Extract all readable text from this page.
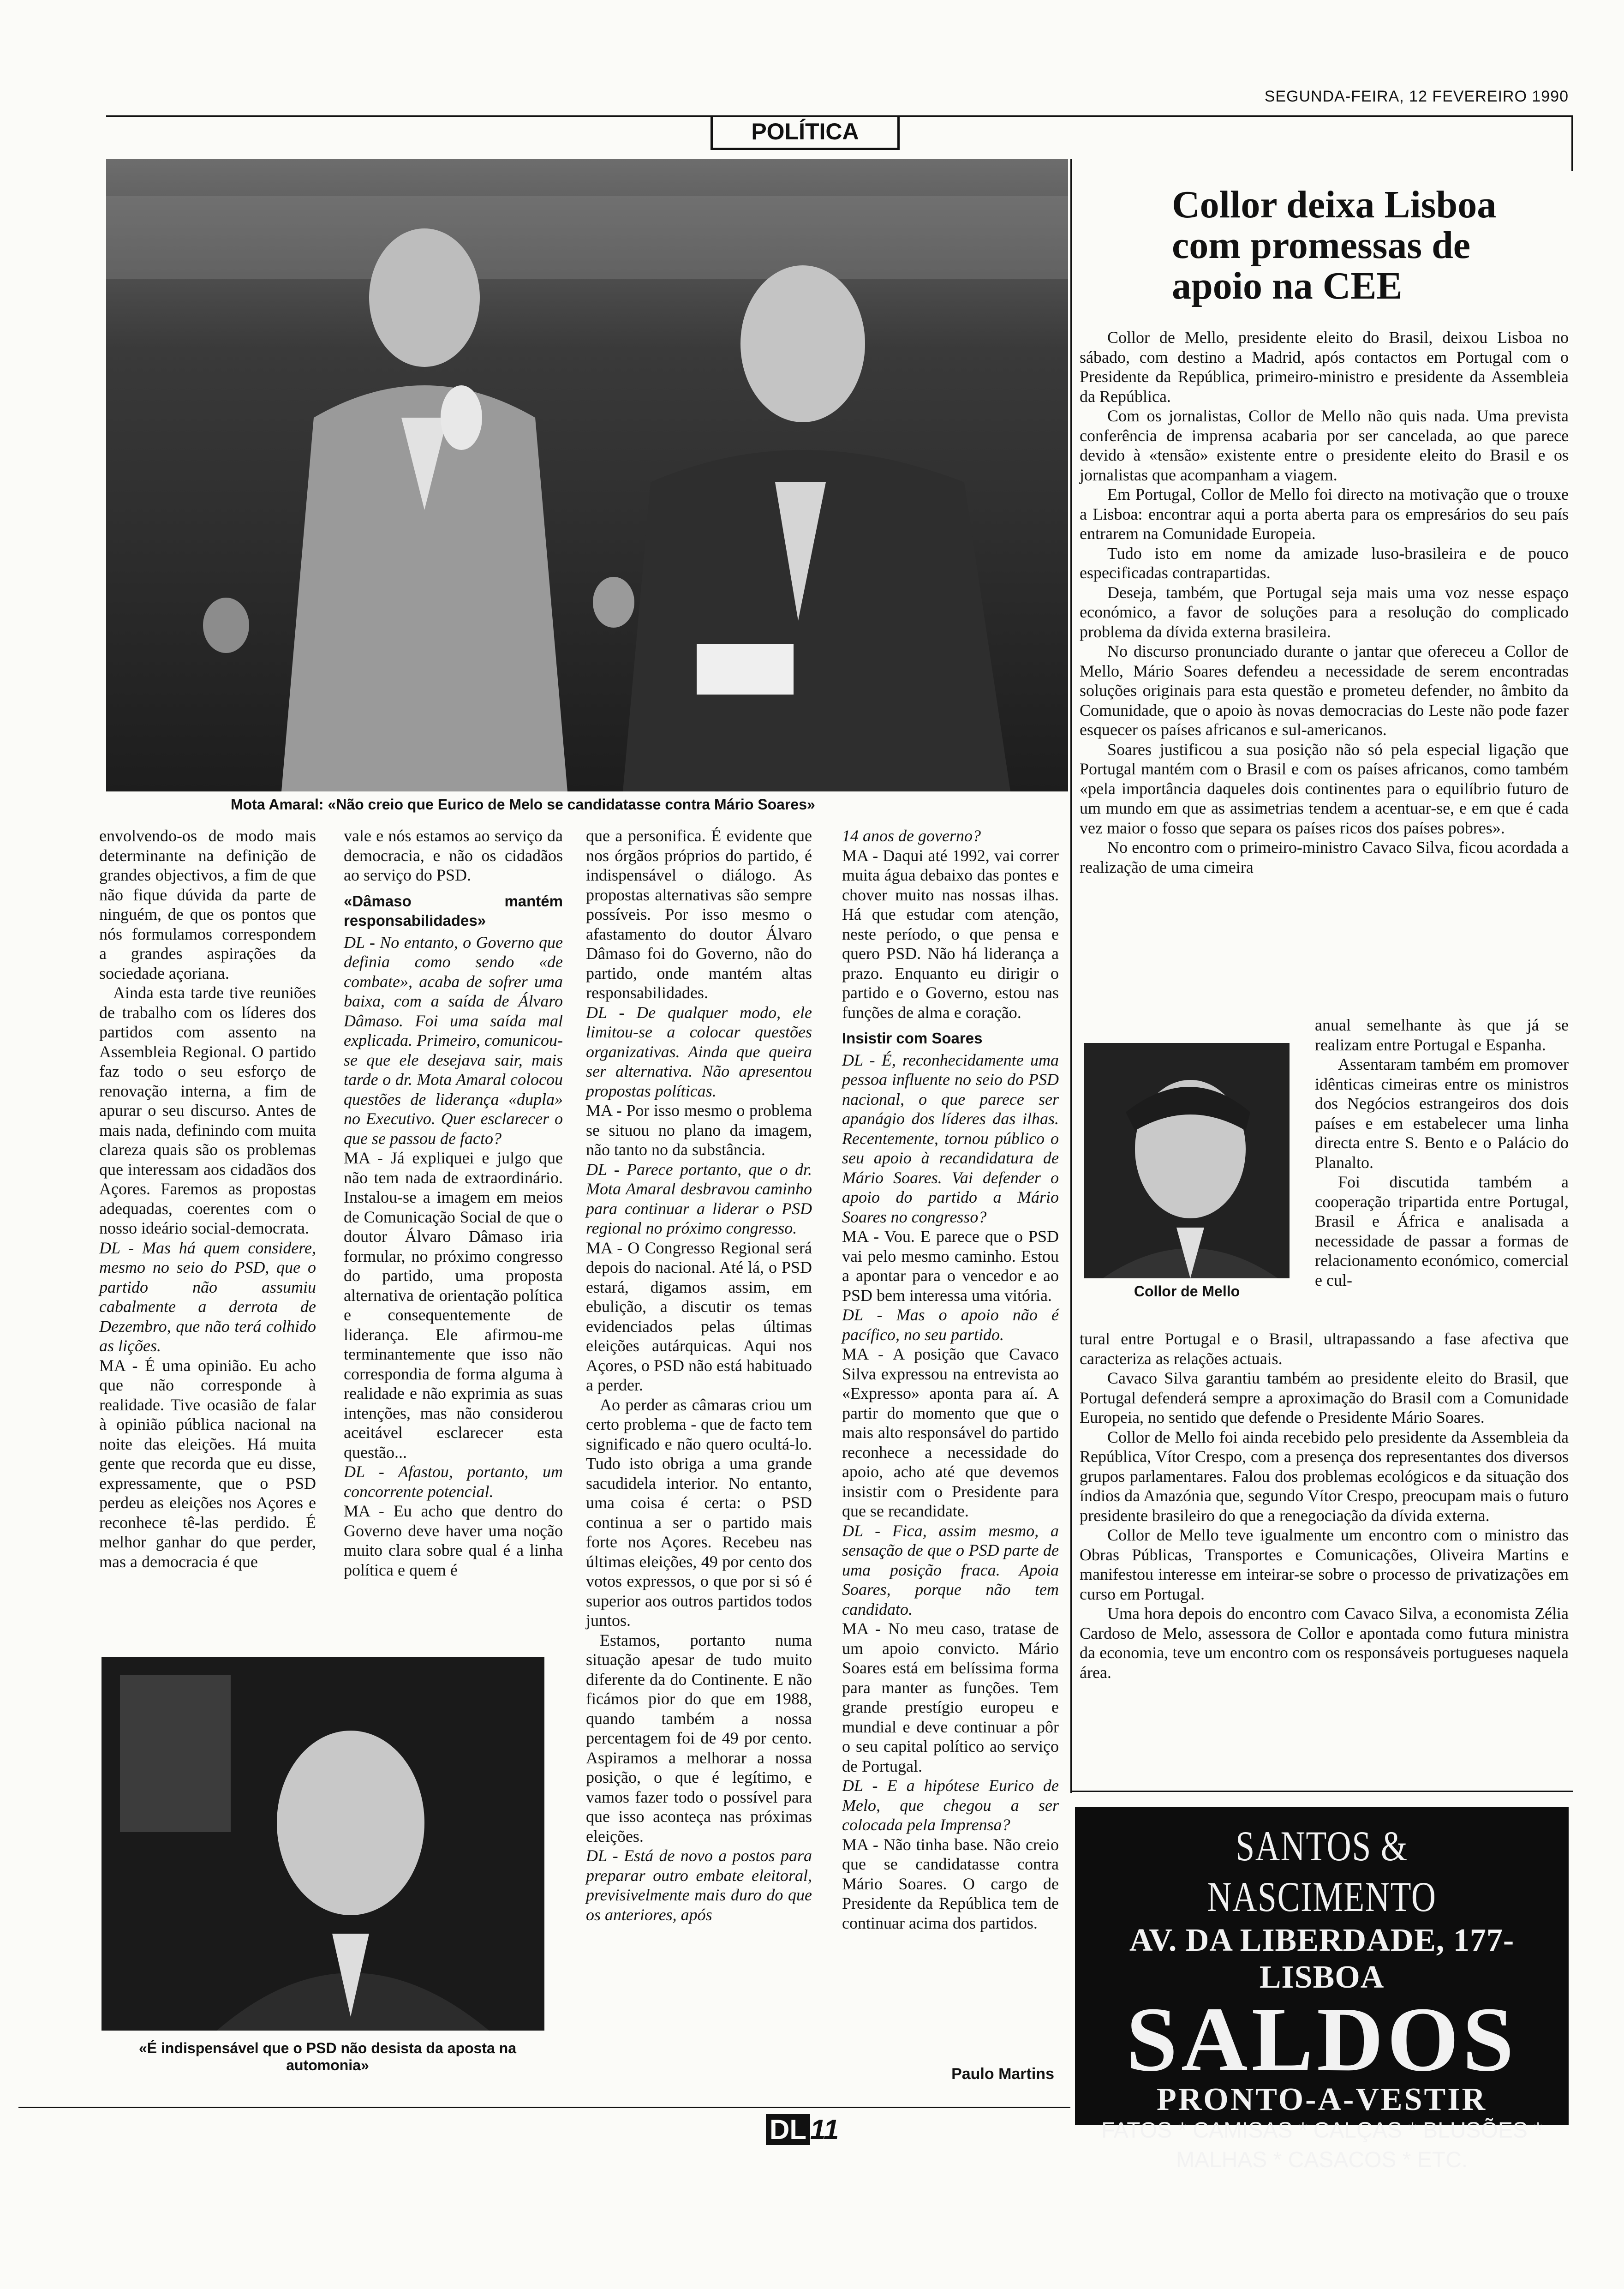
SEGUNDA-FEIRA, 12 FEVEREIRO 1990
POLÍTICA
Mota Amaral: «Não creio que Eurico de Melo se candidatasse contra Mário Soares»

envolvendo-os de modo mais determinante na definição de grandes objectivos, a fim de que não fique dúvida da parte de ninguém, de que os pontos que nós formulamos correspondem a grandes aspirações da sociedade açoriana.

Ainda esta tarde tive reuniões de trabalho com os líderes dos partidos com assento na Assembleia Regional. O partido faz todo o seu esforço de renovação interna, a fim de apurar o seu discurso. Antes de mais nada, definindo com muita clareza quais são os problemas que interessam aos cidadãos dos Açores. Faremos as propostas adequadas, coerentes com o nosso ideário social-democrata.

DL - Mas há quem considere, mesmo no seio do PSD, que o partido não assumiu cabalmente a derrota de Dezembro, que não terá colhido as lições.

MA - É uma opinião. Eu acho que não corresponde à realidade. Tive ocasião de falar à opinião pública nacional na noite das eleições. Há muita gente que recorda que eu disse, expressamente, que o PSD perdeu as eleições nos Açores e reconhece tê-las perdido. É melhor ganhar do que perder, mas a democracia é que

«É indispensável que o PSD não desista da aposta na automonia»

vale e nós estamos ao serviço da democracia, e não os cidadãos ao serviço do PSD.

«Dâmaso mantém responsabilidades»

DL - No entanto, o Governo que definia como sendo «de combate», acaba de sofrer uma baixa, com a saída de Álvaro Dâmaso. Foi uma saída mal explicada. Primeiro, comunicou-se que ele desejava sair, mais tarde o dr. Mota Amaral colocou questões de liderança «dupla» no Executivo. Quer esclarecer o que se passou de facto?

MA - Já expliquei e julgo que não tem nada de extraordinário. Instalou-se a imagem em meios de Comunicação Social de que o doutor Álvaro Dâmaso iria formular, no próximo congresso do partido, uma proposta alternativa de orientação política e consequentemente de liderança. Ele afirmou-me terminantemente que isso não correspondia de forma alguma à realidade e não exprimia as suas intenções, mas não considerou aceitável esclarecer esta questão...

DL - Afastou, portanto, um concorrente potencial.

MA - Eu acho que dentro do Governo deve haver uma noção muito clara sobre qual é a linha política e quem é

que a personifica. É evidente que nos órgãos próprios do partido, é indispensável o diálogo. As propostas alternativas são sempre possíveis. Por isso mesmo o afastamento do doutor Álvaro Dâmaso foi do Governo, não do partido, onde mantém altas responsabilidades.

DL - De qualquer modo, ele limitou-se a colocar questões organizativas. Ainda que queira ser alternativa. Não apresentou propostas políticas.

MA - Por isso mesmo o problema se situou no plano da imagem, não tanto no da substância.

DL - Parece portanto, que o dr. Mota Amaral desbravou caminho para continuar a liderar o PSD regional no próximo congresso.

MA - O Congresso Regional será depois do nacional. Até lá, o PSD estará, digamos assim, em ebulição, a discutir os temas evidenciados pelas últimas eleições autárquicas. Aqui nos Açores, o PSD não está habituado a perder.

Ao perder as câmaras criou um certo problema - que de facto tem significado e não quero ocultá-lo. Tudo isto obriga a uma grande sacudidela interior. No entanto, uma coisa é certa: o PSD continua a ser o partido mais forte nos Açores. Recebeu nas últimas eleições, 49 por cento dos votos expressos, o que por si só é superior aos outros partidos todos juntos.

Estamos, portanto numa situação apesar de tudo muito diferente da do Continente. E não ficámos pior do que em 1988, quando também a nossa percentagem foi de 49 por cento. Aspiramos a melhorar a nossa posição, o que é legítimo, e vamos fazer todo o possível para que isso aconteça nas próximas eleições.

DL - Está de novo a postos para preparar outro embate eleitoral, previsivelmente mais duro do que os anteriores, após

14 anos de governo?

MA - Daqui até 1992, vai correr muita água debaixo das pontes e chover muito nas nossas ilhas. Há que estudar com atenção, neste período, o que pensa e quero PSD. Não há liderança a prazo. Enquanto eu dirigir o partido e o Governo, estou nas funções de alma e coração.

Insistir com Soares

DL - É, reconhecidamente uma pessoa influente no seio do PSD nacional, o que parece ser apanágio dos líderes das ilhas. Recentemente, tornou público o seu apoio à recandidatura de Mário Soares. Vai defender o apoio do partido a Mário Soares no congresso?

MA - Vou. E parece que o PSD vai pelo mesmo caminho. Estou a apontar para o vencedor e ao PSD bem interessa uma vitória.

DL - Mas o apoio não é pacífico, no seu partido.

MA - A posição que Cavaco Silva expressou na entrevista ao «Expresso» aponta para aí. A partir do momento que que o mais alto responsável do partido reconhece a necessidade do apoio, acho até que devemos insistir com o Presidente para que se recandidate.

DL - Fica, assim mesmo, a sensação de que o PSD parte de uma posição fraca. Apoia Soares, porque não tem candidato.

MA - No meu caso, tratase de um apoio convicto. Mário Soares está em belíssima forma para manter as funções. Tem grande prestígio europeu e mundial e deve continuar a pôr o seu capital político ao serviço de Portugal.

DL - E a hipótese Eurico de Melo, que chegou a ser colocada pela Imprensa?

MA - Não tinha base. Não creio que se candidatasse contra Mário Soares. O cargo de Presidente da República tem de continuar acima dos partidos.

Paulo Martins
Collor deixa Lisboa com promessas de apoio na CEE

Collor de Mello, presidente eleito do Brasil, deixou Lisboa no sábado, com destino a Madrid, após contactos em Portugal com o Presidente da República, primeiro-ministro e presidente da Assembleia da República.

Com os jornalistas, Collor de Mello não quis nada. Uma prevista conferência de imprensa acabaria por ser cancelada, ao que parece devido à «tensão» existente entre o presidente eleito do Brasil e os jornalistas que acompanham a viagem.

Em Portugal, Collor de Mello foi directo na motivação que o trouxe a Lisboa: encontrar aqui a porta aberta para os empresários do seu país entrarem na Comunidade Europeia.

Tudo isto em nome da amizade luso-brasileira e de pouco especificadas contrapartidas.

Deseja, também, que Portugal seja mais uma voz nesse espaço económico, a favor de soluções para a resolução do complicado problema da dívida externa brasileira.

No discurso pronunciado durante o jantar que ofereceu a Collor de Mello, Mário Soares defendeu a necessidade de serem encontradas soluções originais para esta questão e prometeu defender, no âmbito da Comunidade, que o apoio às novas democracias do Leste não pode fazer esquecer os países africanos e sul-americanos.

Soares justificou a sua posição não só pela especial ligação que Portugal mantém com o Brasil e com os países africanos, como também «pela importância daqueles dois continentes para o equilíbrio futuro de um mundo em que as assimetrias tendem a acentuar-se, e em que é cada vez maior o fosso que separa os países ricos dos países pobres».

No encontro com o primeiro-ministro Cavaco Silva, ficou acordada a realização de uma cimeira

Collor de Mello

anual semelhante às que já se realizam entre Portugal e Espanha.

Assentaram também em promover idênticas cimeiras entre os ministros dos Negócios estrangeiros dos dois países e em estabelecer uma linha directa entre S. Bento e o Palácio do Planalto.

Foi discutida também a cooperação tripartida entre Portugal, Brasil e África e analisada a necessidade de passar a formas de relacionamento económico, comercial e cul-

tural entre Portugal e o Brasil, ultrapassando a fase afectiva que caracteriza as relações actuais.

Cavaco Silva garantiu também ao presidente eleito do Brasil, que Portugal defenderá sempre a aproximação do Brasil com a Comunidade Europeia, no sentido que defende o Presidente Mário Soares.

Collor de Mello foi ainda recebido pelo presidente da Assembleia da República, Vítor Crespo, com a presença dos representantes dos diversos grupos parlamentares. Falou dos problemas ecológicos e da situação dos índios da Amazónia que, segundo Vítor Crespo, preocupam mais o futuro presidente brasileiro do que a renegociação da dívida externa.

Collor de Mello teve igualmente um encontro com o ministro das Obras Públicas, Transportes e Comunicações, Oliveira Martins e manifestou interesse em inteirar-se sobre o processo de privatizações em curso em Portugal.

Uma hora depois do encontro com Cavaco Silva, a economista Zélia Cardoso de Melo, assessora de Collor e apontada como futura ministra da economia, teve um encontro com os responsáveis portugueses naquela área.

SANTOS & NASCIMENTO
AV. DA LIBERDADE, 177-LISBOA
SALDOS
PRONTO-A-VESTIR
FATOS * CAMISAS * CALÇAS * BLUSÕES *
MALHAS * CASACOS * ETC.
DL 11
